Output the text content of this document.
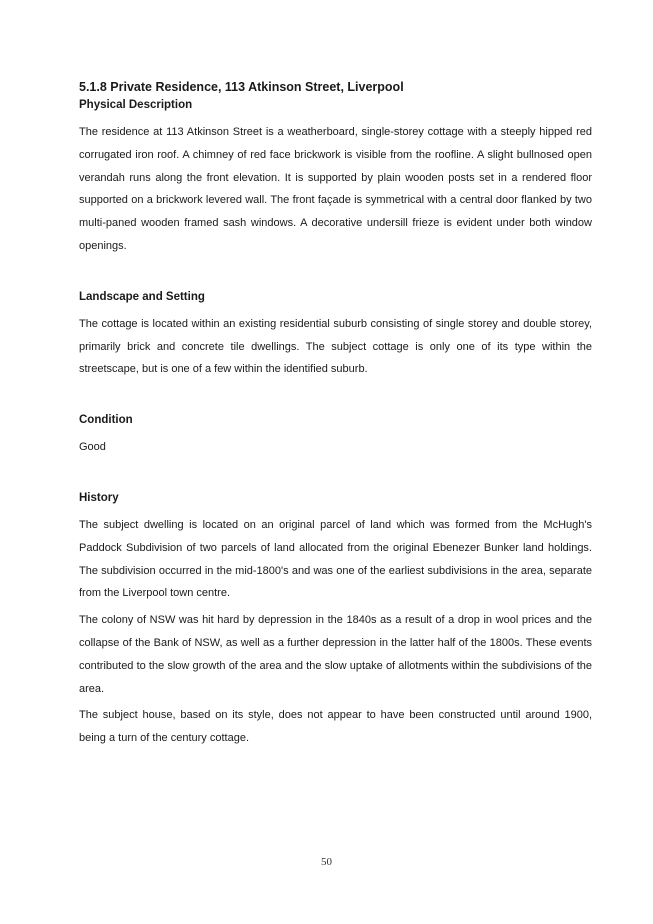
5.1.8 Private Residence, 113 Atkinson Street, Liverpool
Physical Description

The residence at 113 Atkinson Street is a weatherboard, single-storey cottage with a steeply hipped red corrugated iron roof. A chimney of red face brickwork is visible from the roofline. A slight bullnosed open verandah runs along the front elevation. It is supported by plain wooden posts set in a rendered floor supported on a brickwork levered wall. The front façade is symmetrical with a central door flanked by two multi-paned wooden framed sash windows. A decorative undersill frieze is evident under both window openings.

Landscape and Setting

The cottage is located within an existing residential suburb consisting of single storey and double storey, primarily brick and concrete tile dwellings. The subject cottage is only one of its type within the streetscape, but is one of a few within the identified suburb.

Condition

Good

History

The subject dwelling is located on an original parcel of land which was formed from the McHugh's Paddock Subdivision of two parcels of land allocated from the original Ebenezer Bunker land holdings. The subdivision occurred in the mid-1800's and was one of the earliest subdivisions in the area, separate from the Liverpool town centre.

The colony of NSW was hit hard by depression in the 1840s as a result of a drop in wool prices and the collapse of the Bank of NSW, as well as a further depression in the latter half of the 1800s. These events contributed to the slow growth of the area and the slow uptake of allotments within the subdivisions of the area.

The subject house, based on its style, does not appear to have been constructed until around 1900, being a turn of the century cottage.

50
